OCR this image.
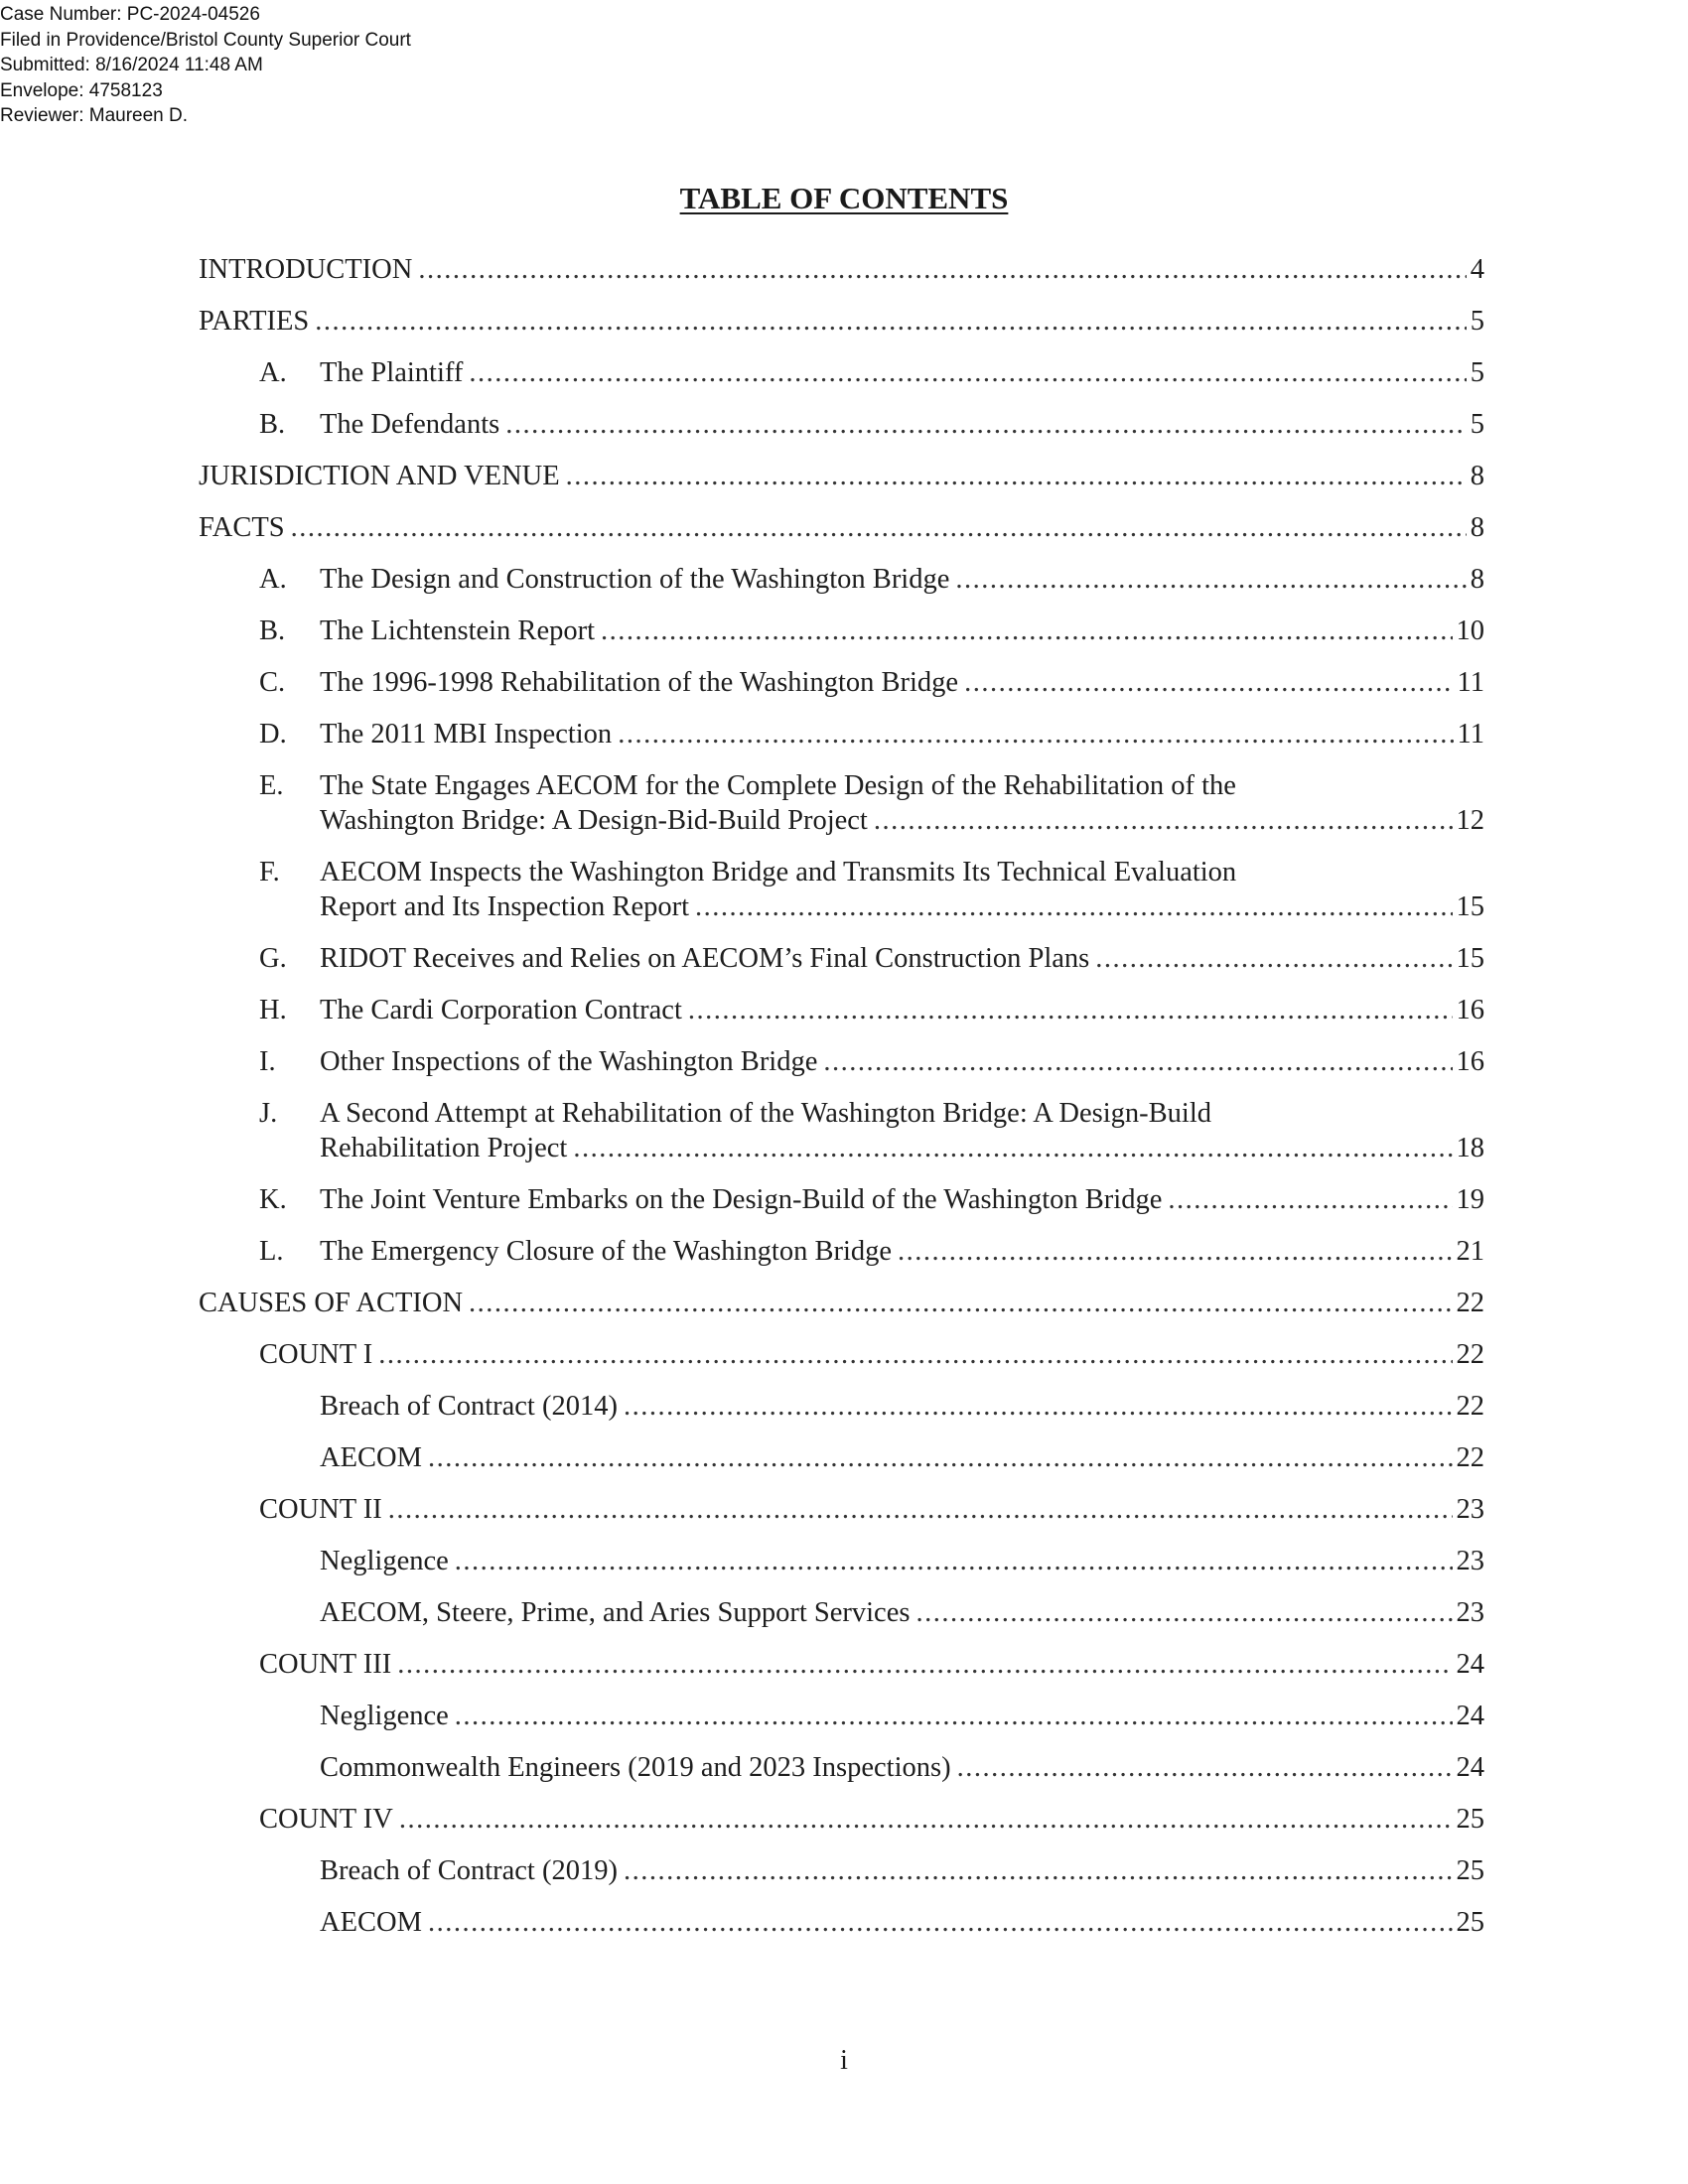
Case Number: PC-2024-04526
Filed in Providence/Bristol County Superior Court
Submitted: 8/16/2024 11:48 AM
Envelope: 4758123
Reviewer: Maureen D.
TABLE OF CONTENTS
INTRODUCTION .....	4
PARTIES .....	5
A.	The Plaintiff .....	5
B.	The Defendants .....	5
JURISDICTION AND VENUE .....	8
FACTS .....	8
A.	The Design and Construction of the Washington Bridge .....	8
B.	The Lichtenstein Report .....	10
C.	The 1996-1998 Rehabilitation of the Washington Bridge .....	11
D.	The 2011 MBI Inspection .....	11
E.	The State Engages AECOM for the Complete Design of the Rehabilitation of the
Washington Bridge: A Design-Bid-Build Project .....	12
F.	AECOM Inspects the Washington Bridge and Transmits Its Technical Evaluation
Report and Its Inspection Report .....	15
G.	RIDOT Receives and Relies on AECOM’s Final Construction Plans .....	15
H.	The Cardi Corporation Contract .....	16
I.	Other Inspections of the Washington Bridge .....	16
J.	A Second Attempt at Rehabilitation of the Washington Bridge: A Design-Build
Rehabilitation Project .....	18
K.	The Joint Venture Embarks on the Design-Build of the Washington Bridge .....	19
L.	The Emergency Closure of the Washington Bridge .....	21
CAUSES OF ACTION .....	22
COUNT I .....	22
Breach of Contract (2014) .....	22
AECOM .....	22
COUNT II .....	23
Negligence .....	23
AECOM, Steere, Prime, and Aries Support Services .....	23
COUNT III .....	24
Negligence .....	24
Commonwealth Engineers (2019 and 2023 Inspections) .....	24
COUNT IV .....	25
Breach of Contract (2019) .....	25
AECOM .....	25
i
